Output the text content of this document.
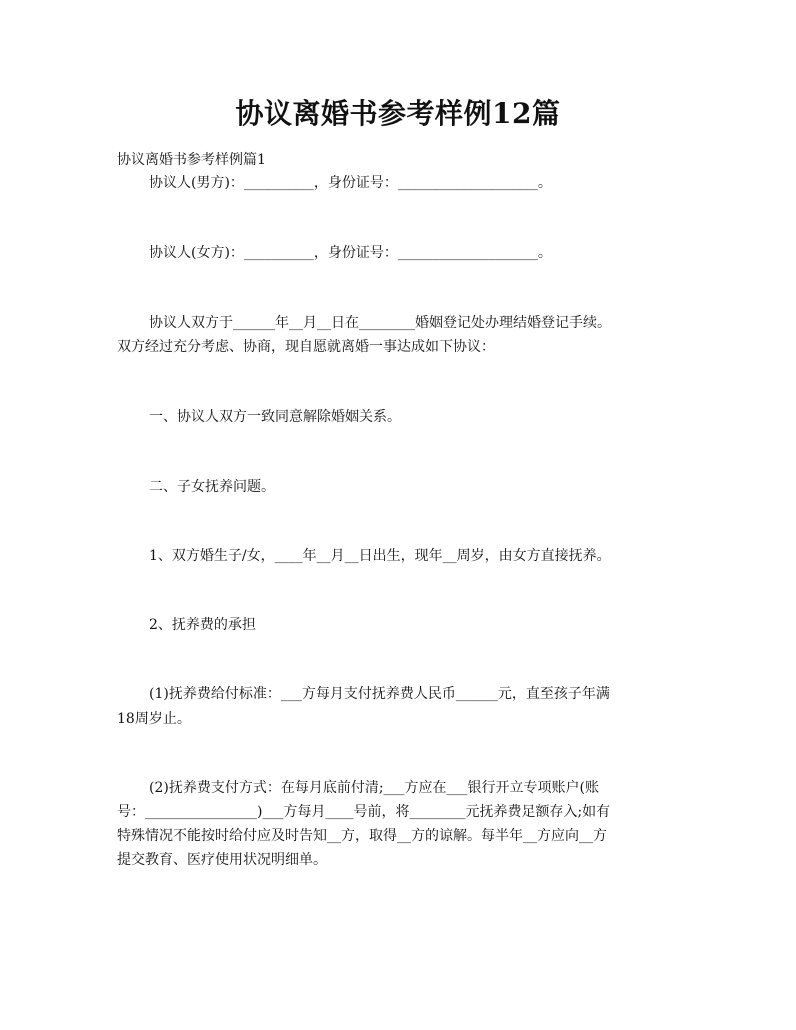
协议离婚书参考样例12篇
协议离婚书参考样例篇1
协议人(男方)：__________，身份证号：____________________。
协议人(女方)：__________，身份证号：____________________。
协议人双方于______年__月__日在________婚姻登记处办理结婚登记手续。
双方经过充分考虑、协商，现自愿就离婚一事达成如下协议：
一、协议人双方一致同意解除婚姻关系。
二、子女抚养问题。
1、双方婚生子/女，____年__月__日出生，现年__周岁，由女方直接抚养。
2、抚养费的承担
(1)抚养费给付标准：___方每月支付抚养费人民币______元，直至孩子年满
18周岁止。
(2)抚养费支付方式：在每月底前付清;___方应在___银行开立专项账户(账
号：________________)___方每月____号前，将________元抚养费足额存入;如有
特殊情况不能按时给付应及时告知__方，取得__方的谅解。每半年__方应向__方
提交教育、医疗使用状况明细单。
